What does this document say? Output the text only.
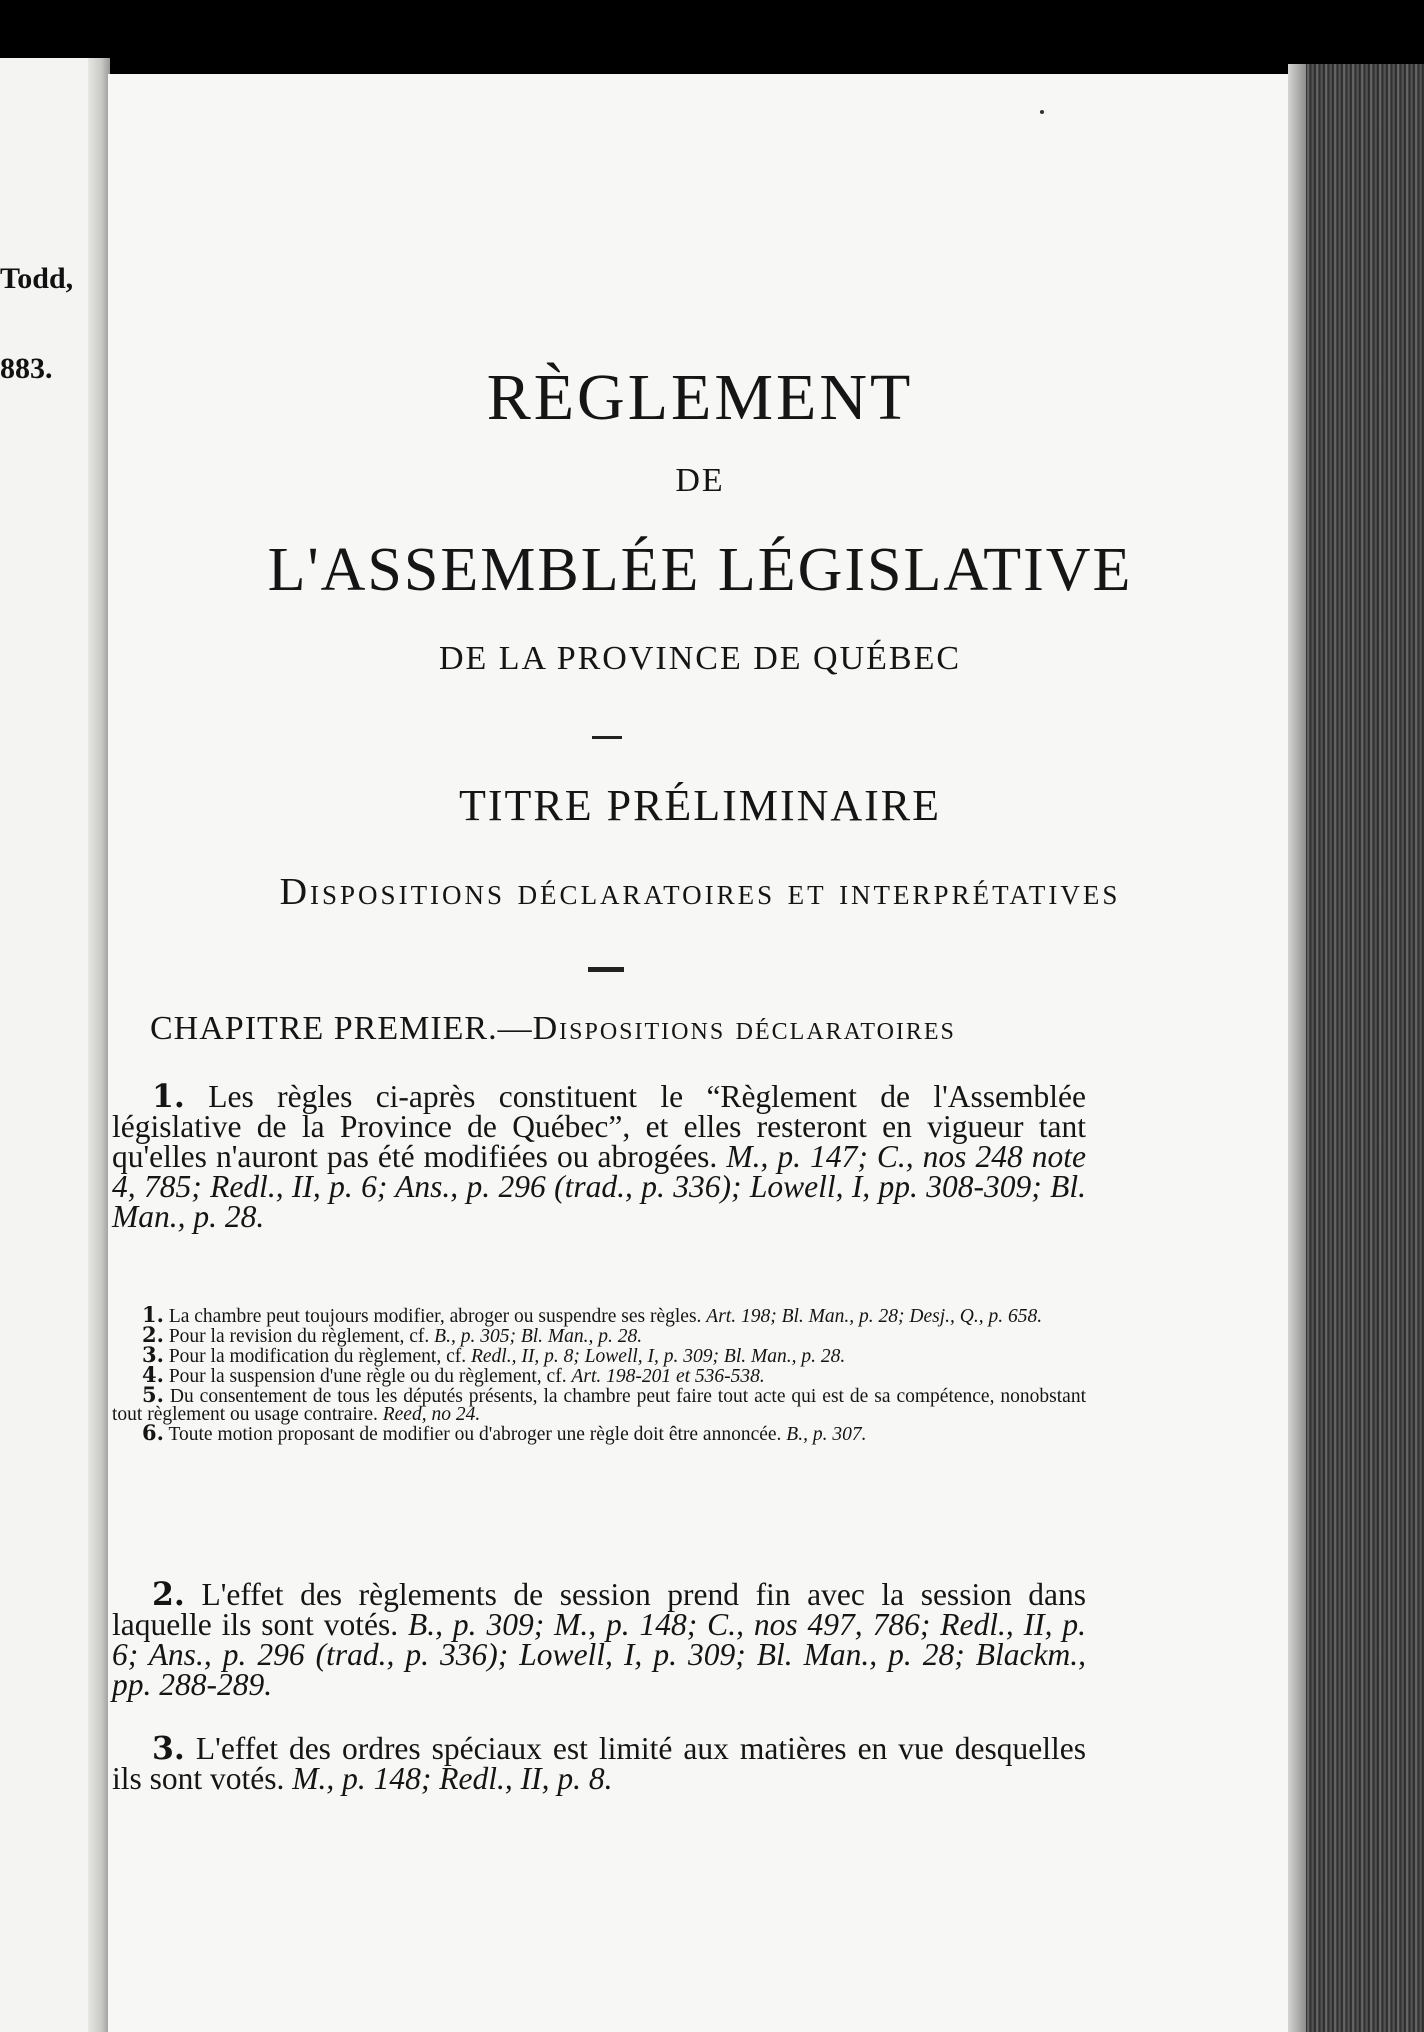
Todd,
883.	RÈGLEMENT
DE
L'ASSEMBLÉE LÉGISLATIVE
DE LA PROVINCE DE QUÉBEC
TITRE PRÉLIMINAIRE
Dispositions déclaratoires et interprétatives
CHAPITRE PREMIER.—Dispositions déclaratoires

1. Les règles ci-après constituent le “Règlement de l'Assemblée législative de la Province de Québec”, et elles resteront en vigueur tant qu'elles n'auront pas été modifiées ou abrogées. M., p. 147; C., nos 248 note 4, 785; Redl., II, p. 6; Ans., p. 296 (trad., p. 336); Lowell, I, pp. 308-309; Bl. Man., p. 28.

1. La chambre peut toujours modifier, abroger ou suspendre ses règles. Art. 198; Bl. Man., p. 28; Desj., Q., p. 658.

2. Pour la revision du règlement, cf. B., p. 305; Bl. Man., p. 28.

3. Pour la modification du règlement, cf. Redl., II, p. 8; Lowell, I, p. 309; Bl. Man., p. 28.

4. Pour la suspension d'une règle ou du règlement, cf. Art. 198-201 et 536-538.

5. Du consentement de tous les députés présents, la chambre peut faire tout acte qui est de sa compétence, nonobstant tout règlement ou usage contraire. Reed, no 24.

6. Toute motion proposant de modifier ou d'abroger une règle doit être annoncée. B., p. 307.

2. L'effet des règlements de session prend fin avec la session dans laquelle ils sont votés. B., p. 309; M., p. 148; C., nos 497, 786; Redl., II, p. 6; Ans., p. 296 (trad., p. 336); Lowell, I, p. 309; Bl. Man., p. 28; Blackm., pp. 288-289.

3. L'effet des ordres spéciaux est limité aux matières en vue desquelles ils sont votés. M., p. 148; Redl., II, p. 8.
